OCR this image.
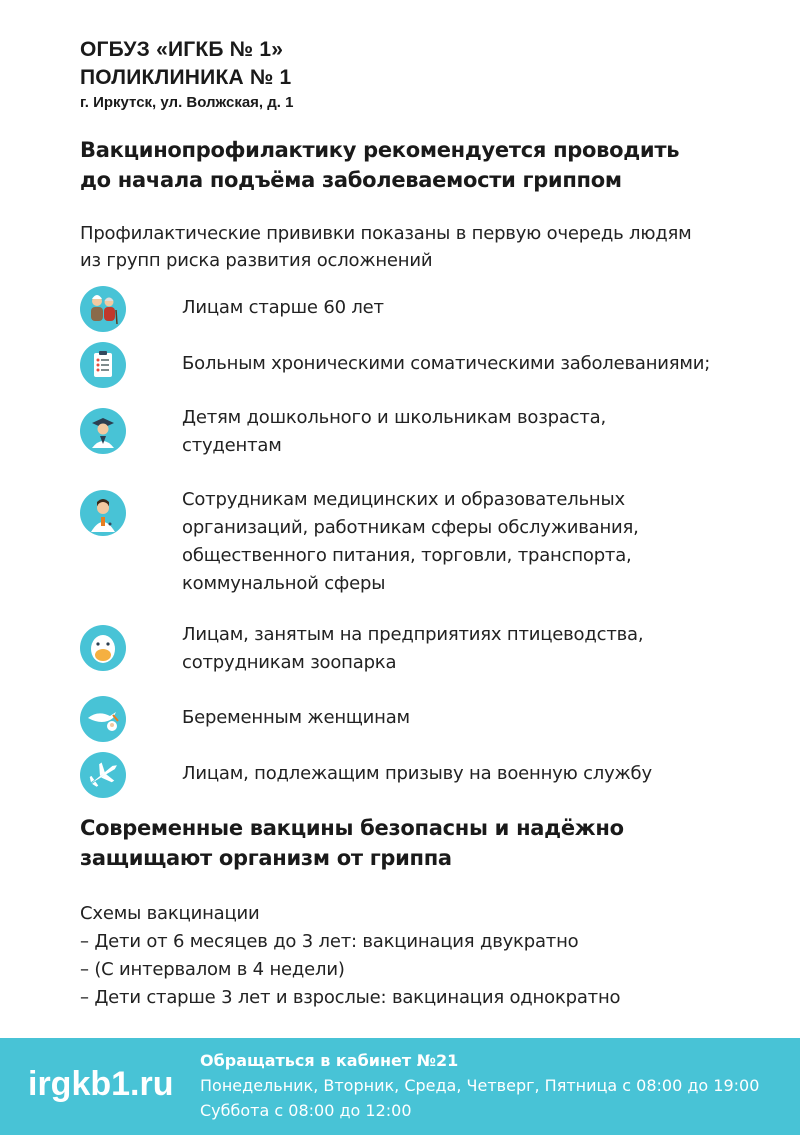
ОГБУЗ «ИГКБ № 1»
ПОЛИКЛИНИКА № 1
г. Иркутск, ул. Волжская, д. 1
Вакцинопрофилактику рекомендуется проводить
до начала подъёма заболеваемости гриппом
Профилактические прививки показаны в первую очередь людям
из групп риска развития осложнений
Лицам старше 60 лет
Больным хроническими соматическими заболеваниями;
Детям дошкольного и школьникам возраста,
студентам
Сотрудникам медицинских и образовательных
организаций, работникам сферы обслуживания,
общественного питания, торговли, транспорта,
коммунальной сферы
Лицам, занятым на предприятиях птицеводства,
сотрудникам зоопарка
Беременным женщинам
Лицам, подлежащим призыву на военную службу
Современные вакцины безопасны и надёжно
защищают организм от гриппа
Схемы вакцинации
– Дети от 6 месяцев до 3 лет: вакцинация двукратно
– (С интервалом в 4 недели)
– Дети старше 3 лет и взрослые: вакцинация однократно
irgkb1.ru
Обращаться в кабинет №21
Понедельник, Вторник, Среда, Четверг, Пятница с 08:00 до 19:00
Суббота с 08:00 до 12:00
